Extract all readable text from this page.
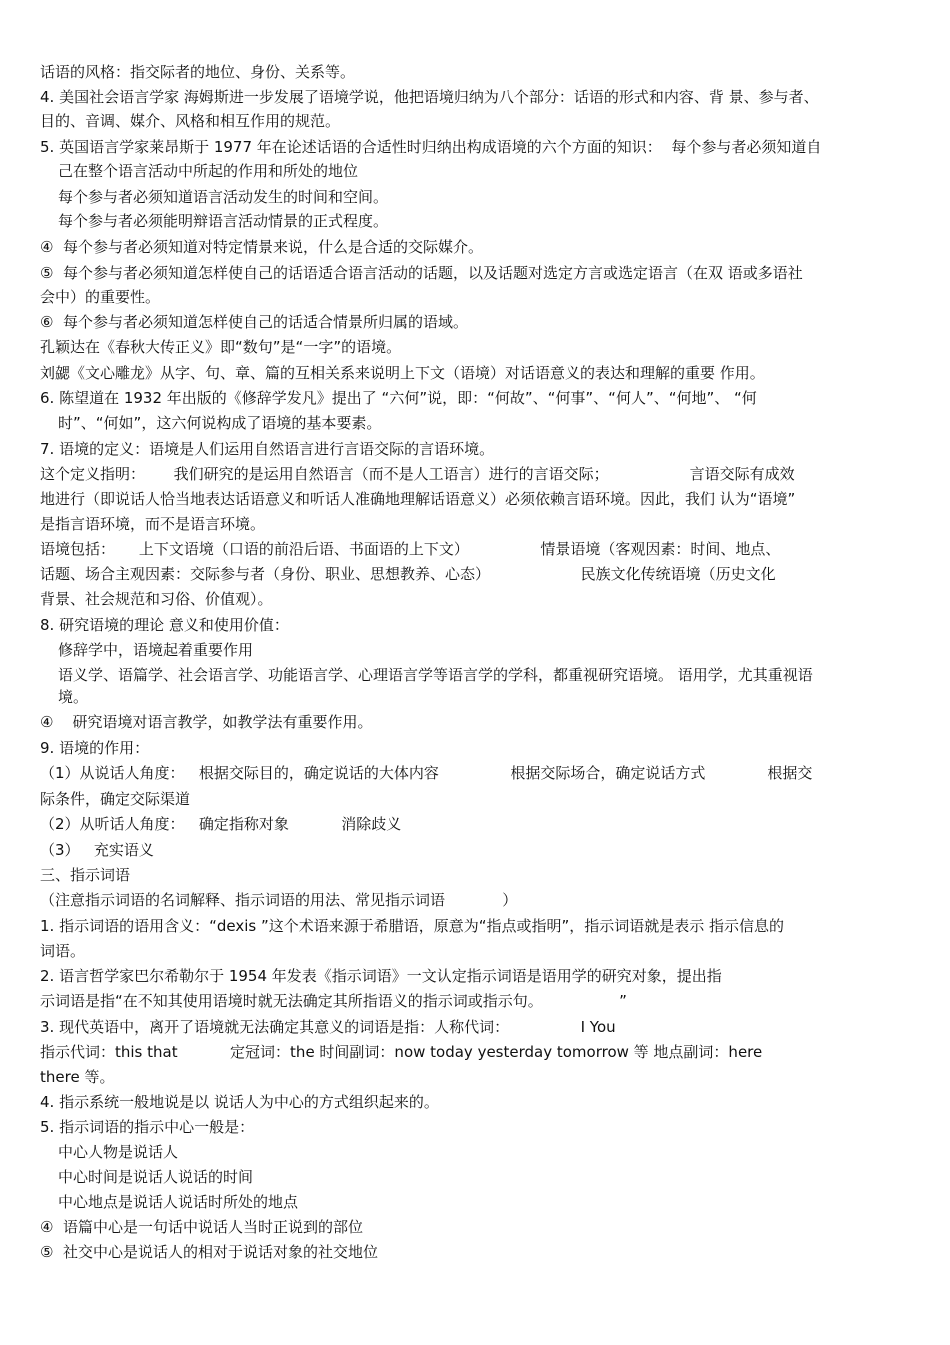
话语的风格：指交际者的地位、身份、关系等。
4. 美国社会语言学家 海姆斯进一步发展了语境学说，他把语境归纳为八个部分：话语的形式和内容、背 景、参与者、
目的、音调、媒介、风格和相互作用的规范。
5. 英国语言学家莱昂斯于 1977 年在论述话语的合适性时归纳出构成语境的六个方面的知识：  每个参与者必须知道自
己在整个语言活动中所起的作用和所处的地位
每个参与者必须知道语言活动发生的时间和空间。
每个参与者必须能明辩语言活动情景的正式程度。
④  每个参与者必须知道对特定情景来说，什么是合适的交际媒介。
⑤  每个参与者必须知道怎样使自己的话语适合语言活动的话题，以及话题对选定方言或选定语言（在双 语或多语社
会中）的重要性。
⑥  每个参与者必须知道怎样使自己的话适合情景所归属的语域。
孔颖达在《春秋大传正义》即“数句”是“一字”的语境。
刘勰《文心雕龙》从字、句、章、篇的互相关系来说明上下文（语境）对话语意义的表达和理解的重要 作用。
6. 陈望道在 1932 年出版的《修辞学发凡》提出了 “六何”说，即：“何故”、“何事”、“何人”、“何地”、 “何
时”、“何如”，这六何说构成了语境的基本要素。
7. 语境的定义：语境是人们运用自然语言进行言语交际的言语环境。
这个定义指明：      我们研究的是运用自然语言（而不是人工语言）进行的言语交际；                 言语交际有成效
地进行（即说话人恰当地表达话语意义和听话人准确地理解话语意义）必须依赖言语环境。因此，我们 认为“语境”
是指言语环境，而不是语言环境。
语境包括：     上下文语境（口语的前沿后语、书面语的上下文）               情景语境（客观因素：时间、地点、
话题、场合主观因素：交际参与者（身份、职业、思想教养、心态）                   民族文化传统语境（历史文化
背景、社会规范和习俗、价值观）。
8. 研究语境的理论 意义和使用价值：
修辞学中，语境起着重要作用
语义学、语篇学、社会语言学、功能语言学、心理语言学等语言学的学科，都重视研究语境。 语用学，尤其重视语
境。
④    研究语境对语言教学，如教学法有重要作用。
9. 语境的作用：
（1）从说话人角度：   根据交际目的，确定说话的大体内容               根据交际场合，确定说话方式             根据交
际条件，确定交际渠道
（2）从听话人角度：   确定指称对象           消除歧义
（3）   充实语义
三、指示词语
（注意指示词语的名词解释、指示词语的用法、常见指示词语            ）
1. 指示词语的语用含义：“dexis ”这个术语来源于希腊语，原意为“指点或指明”，指示词语就是表示 指示信息的
词语。
2. 语言哲学家巴尔希勒尔于 1954 年发表《指示词语》一文认定指示词语是语用学的研究对象，提出指
示词语是指“在不知其使用语境时就无法确定其所指语义的指示词或指示句。                ”
3. 现代英语中，离开了语境就无法确定其意义的词语是指：人称代词：               I You
指示代词：this that           定冠词：the 时间副词：now today yesterday tomorrow 等 地点副词：here
there 等。
4. 指示系统一般地说是以 说话人为中心的方式组织起来的。
5. 指示词语的指示中心一般是：
中心人物是说话人
中心时间是说话人说话的时间
中心地点是说话人说话时所处的地点
④  语篇中心是一句话中说话人当时正说到的部位
⑤  社交中心是说话人的相对于说话对象的社交地位
